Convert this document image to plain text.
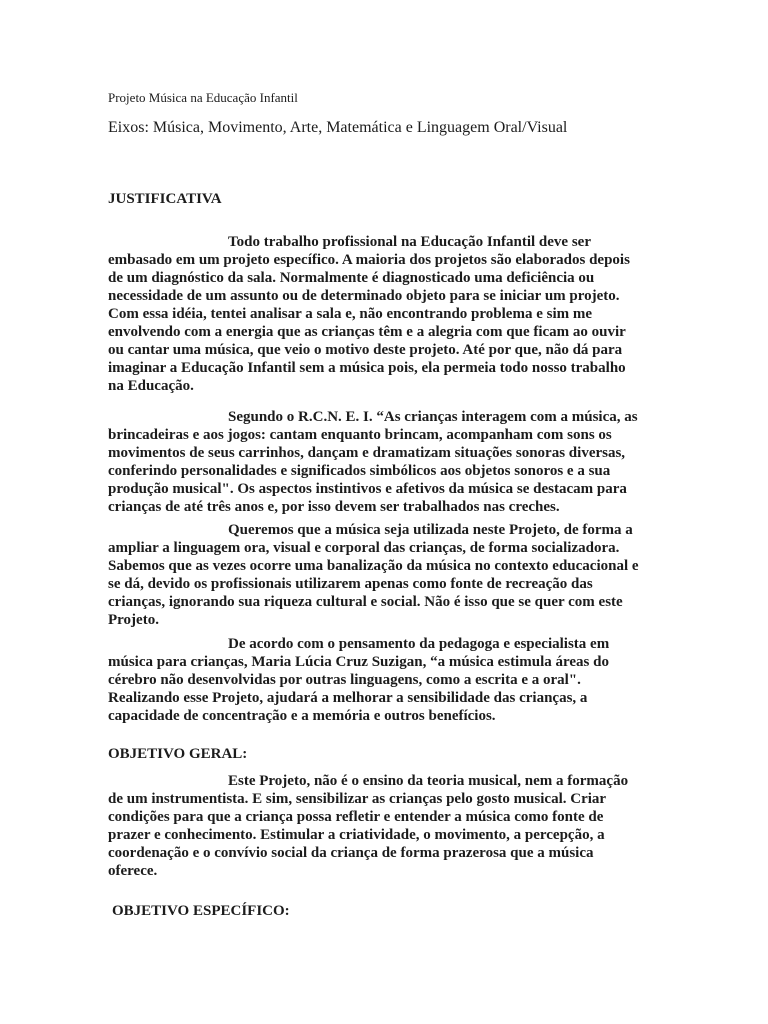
Projeto Música na Educação Infantil
Eixos: Música, Movimento, Arte, Matemática e Linguagem Oral/Visual
JUSTIFICATIVA
Todo trabalho profissional na Educação Infantil deve ser
embasado em um projeto específico. A maioria dos projetos são elaborados depois
de um diagnóstico da sala. Normalmente é diagnosticado uma deficiência ou
necessidade de um assunto ou de determinado objeto para se iniciar um projeto.
Com essa idéia, tentei analisar a sala e, não encontrando problema e sim me
envolvendo com a energia que as crianças têm e a alegria com que ficam ao ouvir
ou cantar uma música, que veio o motivo deste projeto. Até por que, não dá para
imaginar a Educação Infantil sem a música pois, ela permeia todo nosso trabalho
na Educação.
Segundo o R.C.N. E. I. “As crianças interagem com a música, as
brincadeiras e aos jogos: cantam enquanto brincam, acompanham com sons os
movimentos de seus carrinhos, dançam e dramatizam situações sonoras diversas,
conferindo personalidades e significados simbólicos aos objetos sonoros e a sua
produção musical". Os aspectos instintivos e afetivos da música se destacam para
crianças de até três anos e, por isso devem ser trabalhados nas creches.
Queremos que a música seja utilizada neste Projeto, de forma a
ampliar a linguagem ora, visual e corporal das crianças, de forma socializadora.
Sabemos que as vezes ocorre uma banalização da música no contexto educacional e
se dá, devido os profissionais utilizarem apenas como fonte de recreação das
crianças, ignorando sua riqueza cultural e social. Não é isso que se quer com este
Projeto.
De acordo com o pensamento da pedagoga e especialista em
música para crianças, Maria Lúcia Cruz Suzigan, “a música estimula áreas do
cérebro não desenvolvidas por outras linguagens, como a escrita e a oral".
Realizando esse Projeto, ajudará a melhorar a sensibilidade das crianças, a
capacidade de concentração e a memória e outros benefícios.
OBJETIVO GERAL:
Este Projeto, não é o ensino da teoria musical, nem a formação
de um instrumentista. E sim, sensibilizar as crianças pelo gosto musical. Criar
condições para que a criança possa refletir e entender a música como fonte de
prazer e conhecimento. Estimular a criatividade, o movimento, a percepção, a
coordenação e o convívio social da criança de forma prazerosa que a música
oferece.
OBJETIVO ESPECÍFICO:
